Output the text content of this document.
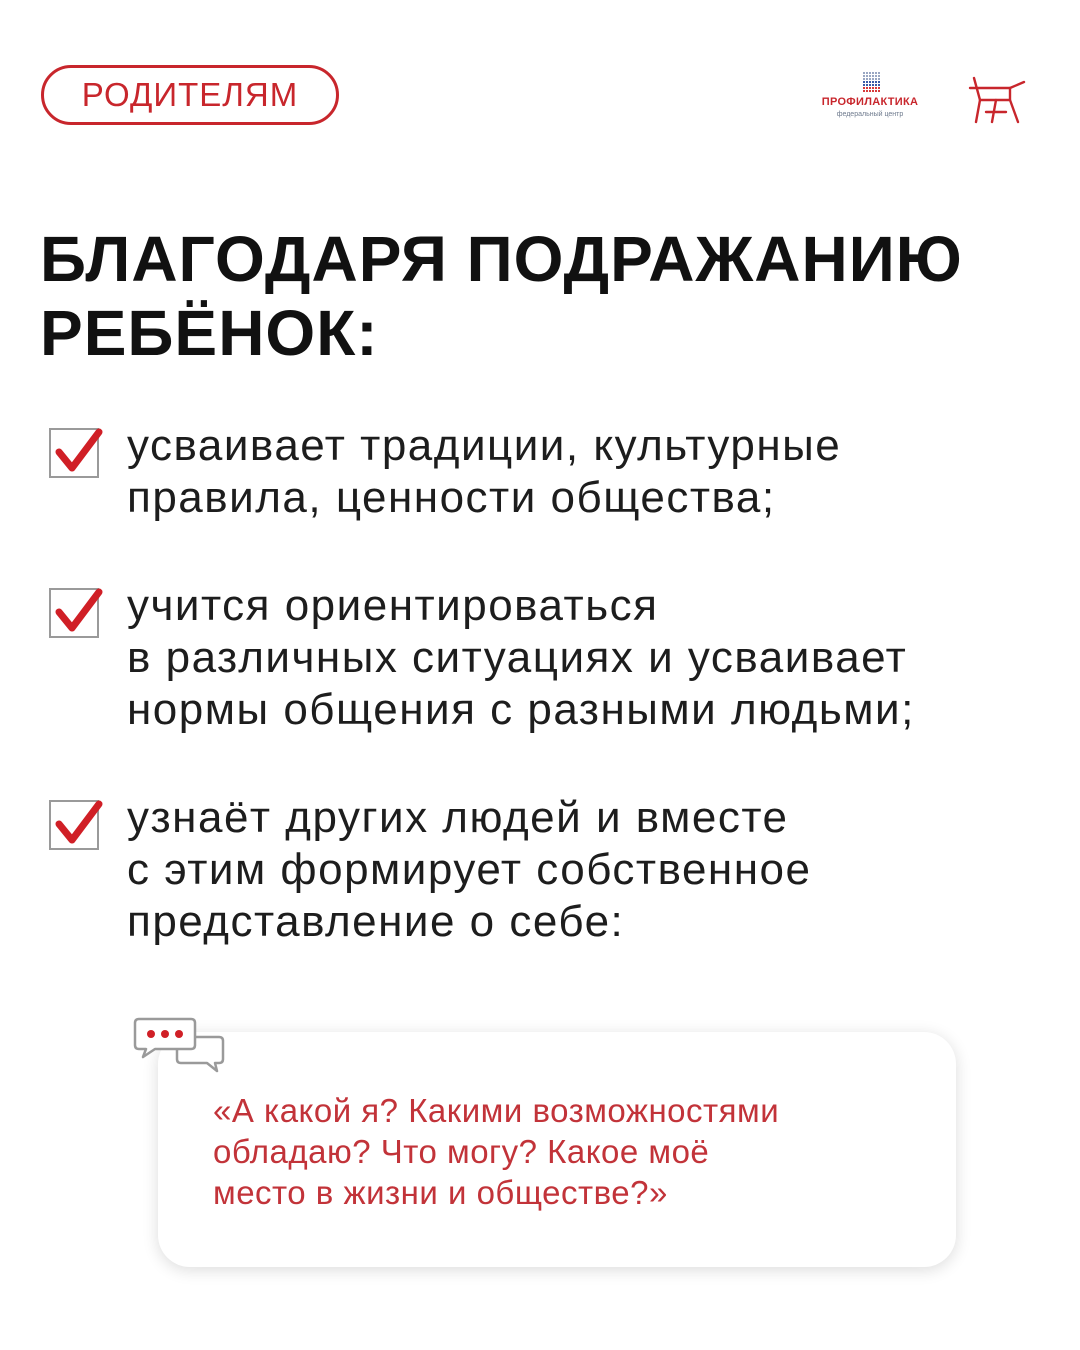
РОДИТЕЛЯМ	ПРОФИЛАКТИКА
федеральный центр
БЛАГОДАРЯ ПОДРАЖАНИЮ
РЕБЁНОК:

усваивает традиции, культурные
правила, ценности общества;

учится ориентироваться
в различных ситуациях и усваивает
нормы общения с разными людьми;

узнаёт других людей и вместе
с этим формирует собственное
представление о себе:

«А какой я? Какими возможностями
обладаю? Что могу? Какое моё
место в жизни и обществе?»
